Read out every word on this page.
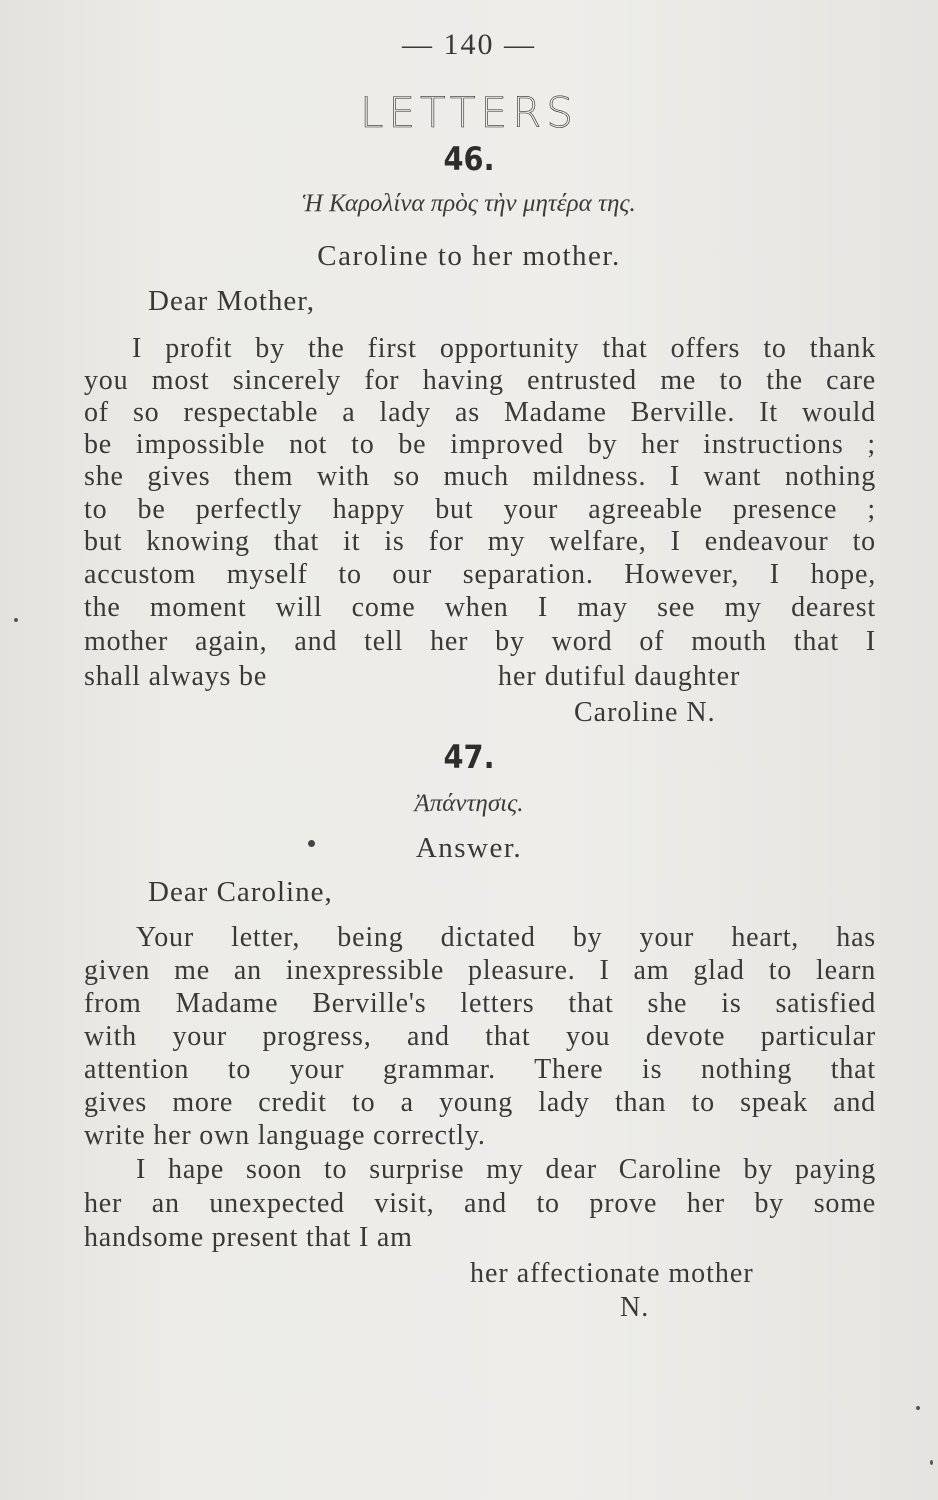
— 140 —
LETTERS
46.
Ἡ Καρολίνα πρὸς τὴν μητέρα της.
Caroline to her mother.
Dear Mother,
I profit by the first opportunity that offers to thank
you most sincerely for having entrusted me to the care
of so respectable a lady as Madame Berville. It would
be impossible not to be improved by her instructions ;
she gives them with so much mildness. I want nothing
to be perfectly happy but your agreeable presence ;
but knowing that it is for my welfare, I endeavour to
accustom myself to our separation. However, I hope,
the moment will come when I may see my dearest
mother again, and tell her by word of mouth that I
shall always be	her dutiful daughter
Caroline N.
47.
Ἀπάντησις.
Answer.
Dear Caroline,
Your letter, being dictated by your heart, has
given me an inexpressible pleasure. I am glad to learn
from Madame Berville's letters that she is satisfied
with your progress, and that you devote particular
attention to your grammar. There is nothing that
gives more credit to a young lady than to speak and
write her own language correctly.
I hape soon to surprise my dear Caroline by paying
her an unexpected visit, and to prove her by some
handsome present that I am
her affectionate mother
N.
